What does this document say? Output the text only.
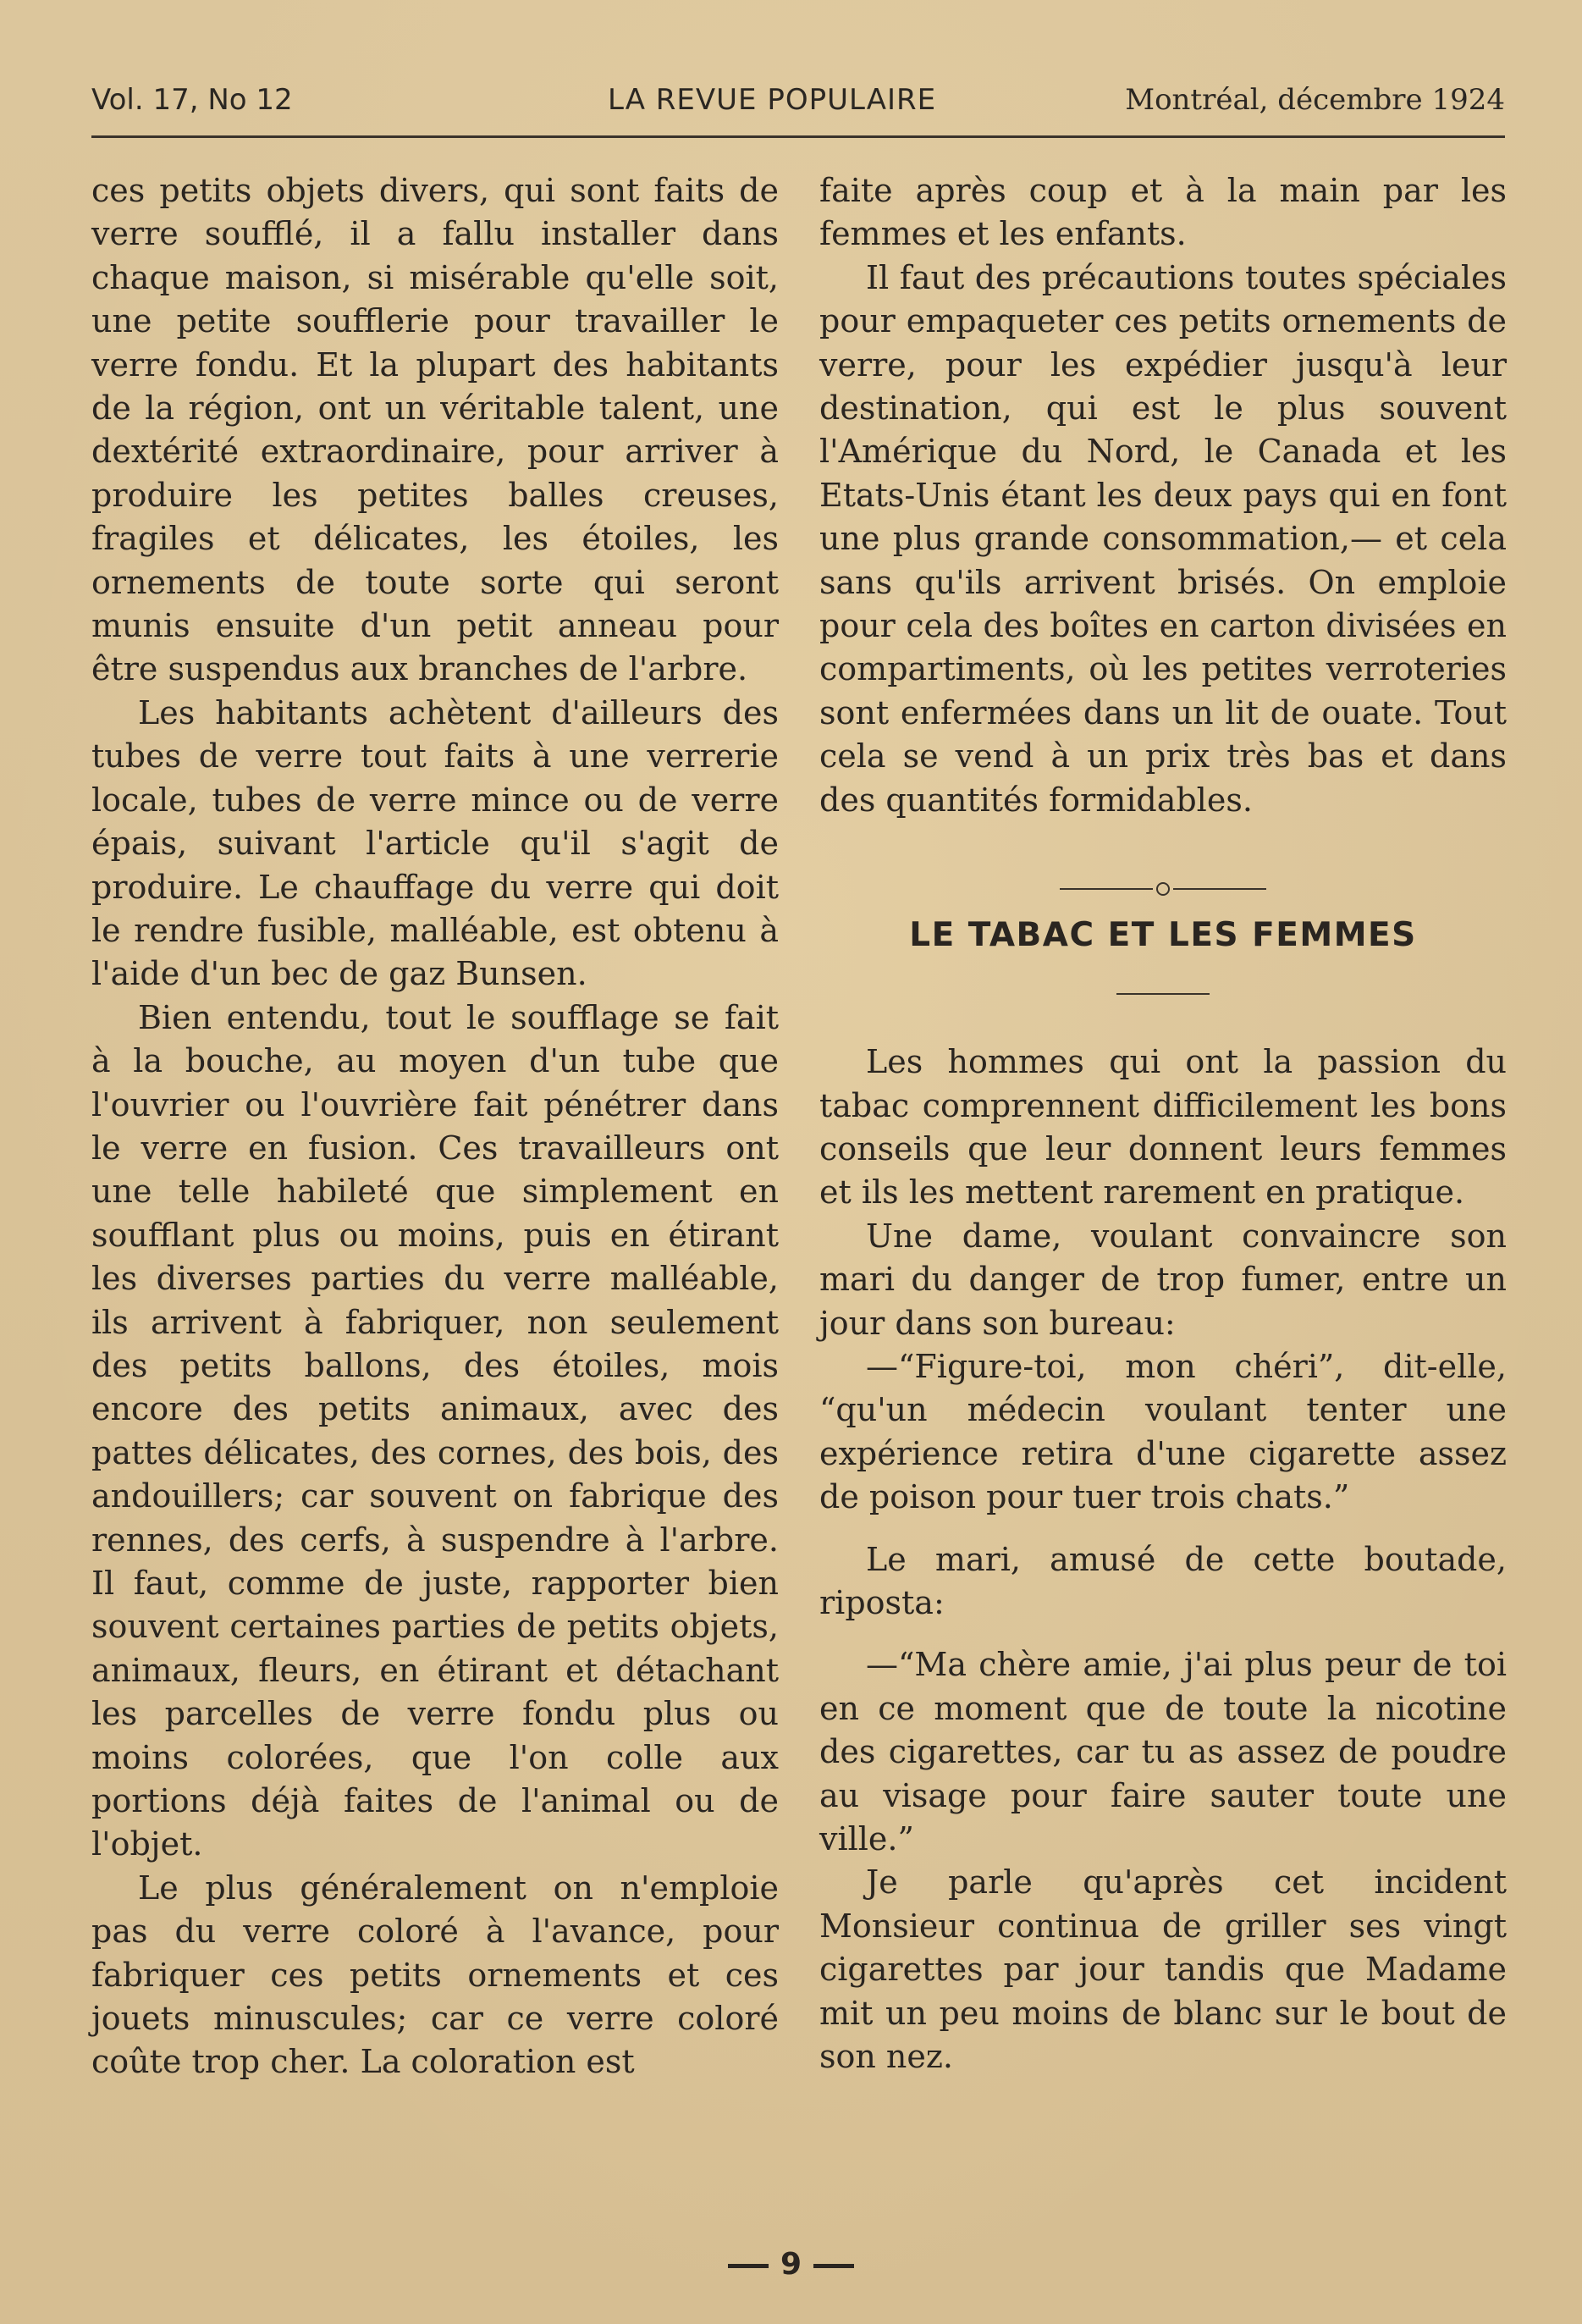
Vol. 17, No 12	LA REVUE POPULAIRE	Montréal, décembre 1924

ces petits objets divers, qui sont faits de verre soufflé, il a fallu installer dans chaque maison, si misérable qu'elle soit, une petite soufflerie pour travailler le verre fondu. Et la plupart des habitants de la région, ont un véritable talent, une dextérité extraordinaire, pour arriver à produire les petites balles creuses, fragiles et délicates, les étoiles, les ornements de toute sorte qui seront munis ensuite d'un petit anneau pour être suspendus aux branches de l'arbre.

Les habitants achètent d'ailleurs des tubes de verre tout faits à une verrerie locale, tubes de verre mince ou de verre épais, suivant l'article qu'il s'agit de produire. Le chauffage du verre qui doit le rendre fusible, malléable, est obtenu à l'aide d'un bec de gaz Bunsen.

Bien entendu, tout le soufflage se fait à la bouche, au moyen d'un tube que l'ouvrier ou l'ouvrière fait pénétrer dans le verre en fusion. Ces travailleurs ont une telle habileté que simplement en soufflant plus ou moins, puis en étirant les diverses parties du verre malléable, ils arrivent à fabriquer, non seulement des petits ballons, des étoiles, mois encore des petits animaux, avec des pattes délicates, des cornes, des bois, des andouillers; car souvent on fabrique des rennes, des cerfs, à suspendre à l'arbre. Il faut, comme de juste, rapporter bien souvent certaines parties de petits objets, animaux, fleurs, en étirant et détachant les parcelles de verre fondu plus ou moins colorées, que l'on colle aux portions déjà faites de l'animal ou de l'objet.

Le plus généralement on n'emploie pas du verre coloré à l'avance, pour fabriquer ces petits ornements et ces jouets minuscules; car ce verre coloré coûte trop cher. La coloration est

faite après coup et à la main par les femmes et les enfants.

Il faut des précautions toutes spéciales pour empaqueter ces petits ornements de verre, pour les expédier jusqu'à leur destination, qui est le plus souvent l'Amérique du Nord, le Canada et les Etats-Unis étant les deux pays qui en font une plus grande consommation,— et cela sans qu'ils arrivent brisés. On emploie pour cela des boîtes en carton divisées en compartiments, où les petites verroteries sont enfermées dans un lit de ouate. Tout cela se vend à un prix très bas et dans des quantités formidables.

LE TABAC ET LES FEMMES

Les hommes qui ont la passion du tabac comprennent difficilement les bons conseils que leur donnent leurs femmes et ils les mettent rarement en pratique.

Une dame, voulant convaincre son mari du danger de trop fumer, entre un jour dans son bureau:

—“Figure-toi, mon chéri”, dit-elle, “qu'un médecin voulant tenter une expérience retira d'une cigarette assez de poison pour tuer trois chats.”

Le mari, amusé de cette boutade, riposta:

—“Ma chère amie, j'ai plus peur de toi en ce moment que de toute la nicotine des cigarettes, car tu as assez de poudre au visage pour faire sauter toute une ville.”

Je parle qu'après cet incident Monsieur continua de griller ses vingt cigarettes par jour tandis que Madame mit un peu moins de blanc sur le bout de son nez.

9
